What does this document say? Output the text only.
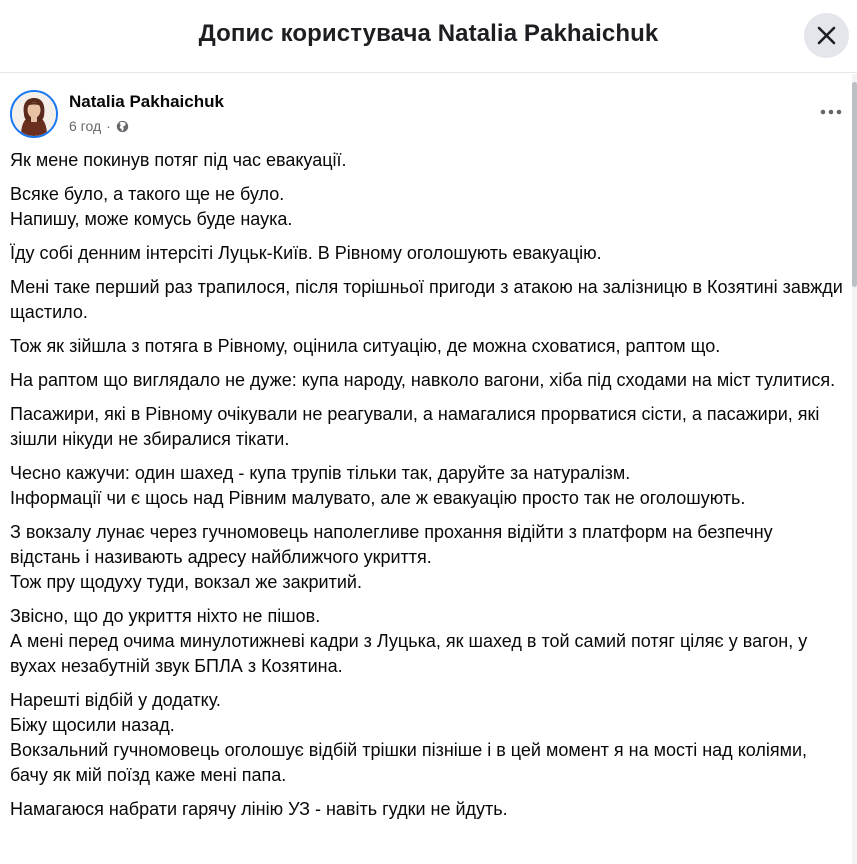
Допис користувача Natalia Pakhaichuk
Natalia Pakhaichuk
6 год ·

Як мене покинув потяг під час евакуації.

Всяке було, а такого ще не було.
Напишу, може комусь буде наука.

Їду собі денним інтерсіті Луцьк-Київ. В Рівному оголошують евакуацію.

Мені таке перший раз трапилося, після торішньої пригоди з атакою на залізницю в Козятині завжди щастило.

Тож як зійшла з потяга в Рівному, оцінила ситуацію, де можна сховатися, раптом що.

На раптом що виглядало не дуже: купа народу, навколо вагони, хіба під сходами на міст тулитися.

Пасажири, які в Рівному очікували не реагували, а намагалися прорватися сісти, а пасажири, які зішли нікуди не збиралися тікати.

Чесно кажучи: один шахед - купа трупів тільки так, даруйте за натуралізм.
Інформації чи є щось над Рівним малувато, але ж евакуацію просто так не оголошують.

З вокзалу лунає через гучномовець наполегливе прохання відійти з платформ на безпечну відстань і називають адресу найближчого укриття.
Тож пру щодуху туди, вокзал же закритий.

Звісно, що до укриття ніхто не пішов.
А мені перед очима минулотижневі кадри з Луцька, як шахед в той самий потяг ціляє у вагон, у вухах незабутній звук БПЛА з Козятина.

Нарешті відбій у додатку.
Біжу щосили назад.
Вокзальний гучномовець оголошує відбій трішки пізніше і в цей момент я на мості над коліями, бачу як мій поїзд каже мені папа.

Намагаюся набрати гарячу лінію УЗ - навіть гудки не йдуть.
